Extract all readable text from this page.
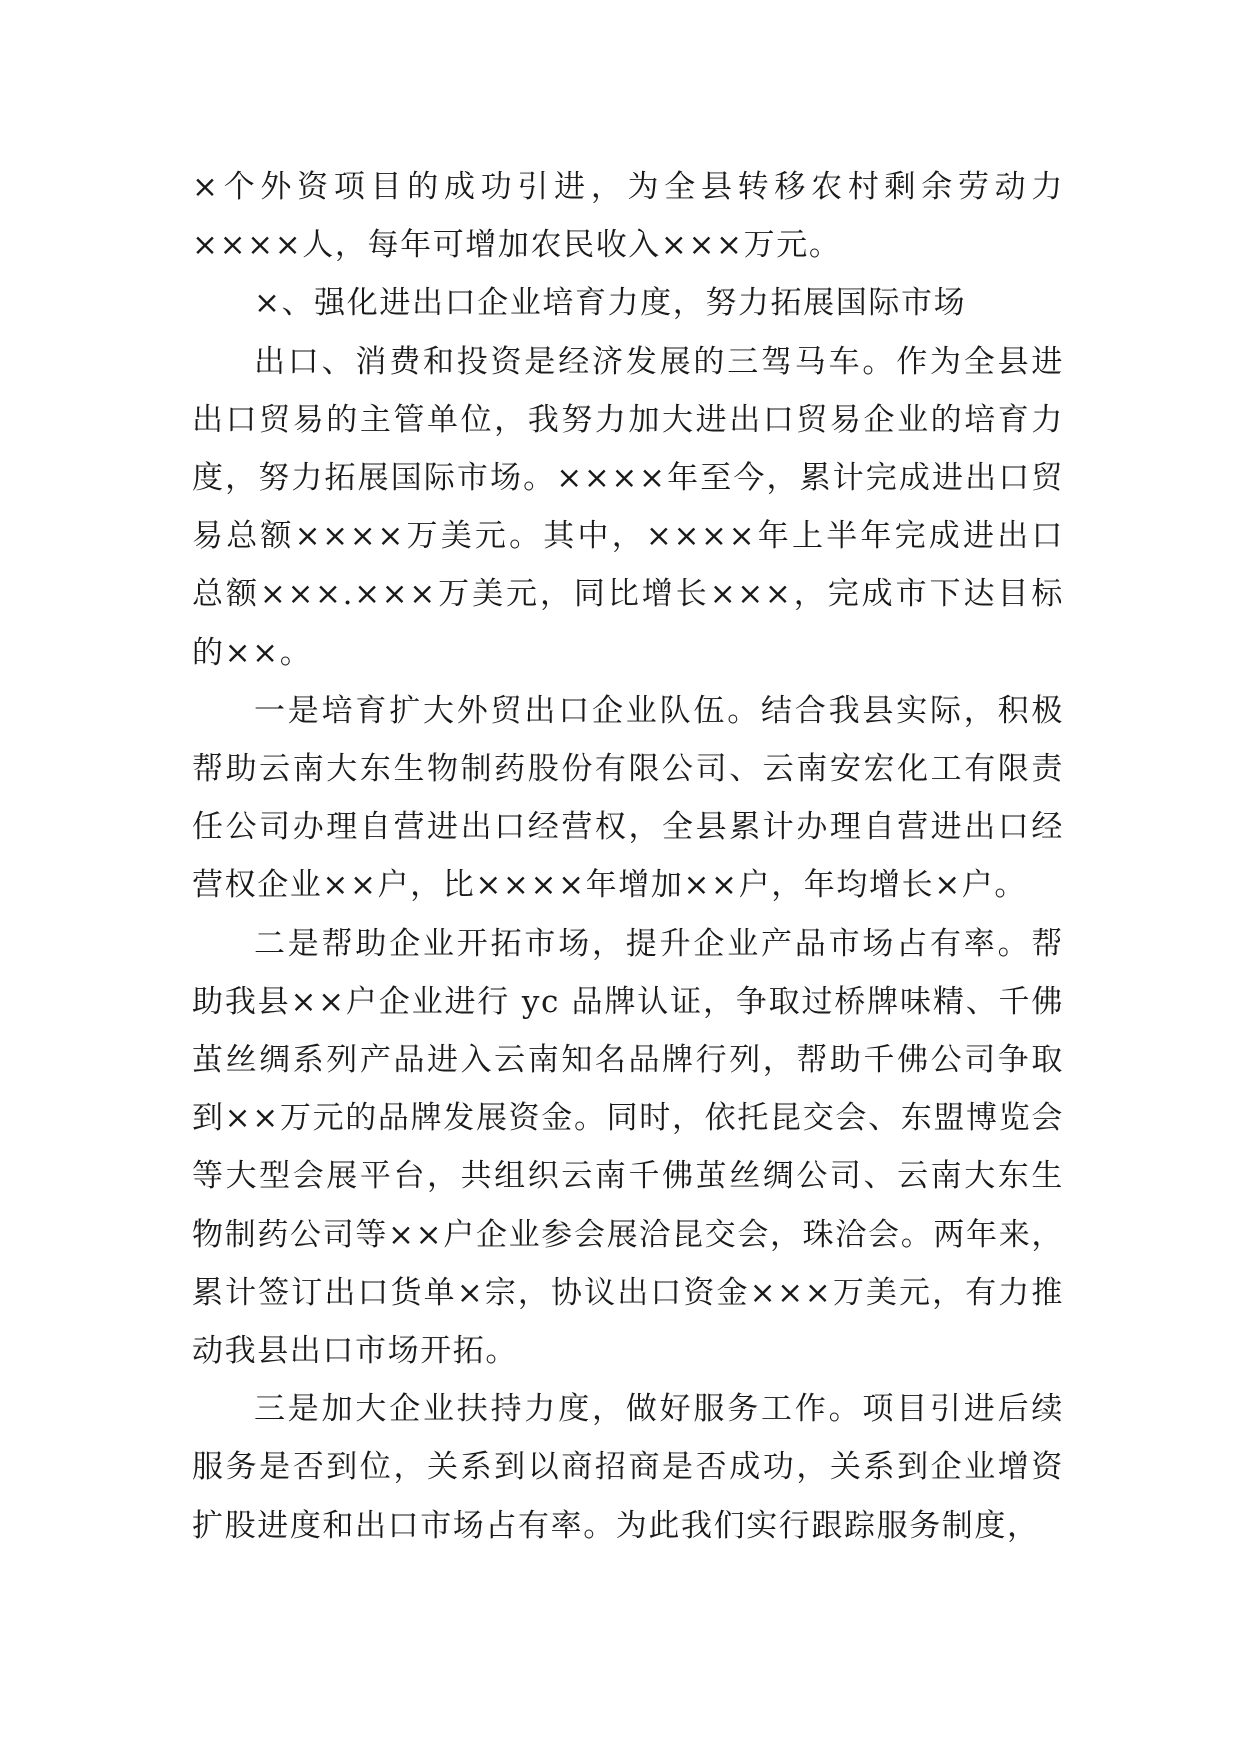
×个外资项目的成功引进，为全县转移农村剩余劳动力××××人，每年可增加农民收入×××万元。

×、强化进出口企业培育力度，努力拓展国际市场

出口、消费和投资是经济发展的三驾马车。作为全县进出口贸易的主管单位，我努力加大进出口贸易企业的培育力度，努力拓展国际市场。××××年至今，累计完成进出口贸易总额××××万美元。其中，××××年上半年完成进出口总额×××.×××万美元，同比增长×××，完成市下达目标的××。

一是培育扩大外贸出口企业队伍。结合我县实际，积极帮助云南大东生物制药股份有限公司、云南安宏化工有限责任公司办理自营进出口经营权，全县累计办理自营进出口经营权企业××户，比××××年增加××户，年均增长×户。

二是帮助企业开拓市场，提升企业产品市场占有率。帮助我县××户企业进行 yc 品牌认证，争取过桥牌味精、千佛茧丝绸系列产品进入云南知名品牌行列，帮助千佛公司争取到××万元的品牌发展资金。同时，依托昆交会、东盟博览会等大型会展平台，共组织云南千佛茧丝绸公司、云南大东生物制药公司等××户企业参会展洽昆交会，珠洽会。两年来，累计签订出口货单×宗，协议出口资金×××万美元，有力推动我县出口市场开拓。

三是加大企业扶持力度，做好服务工作。项目引进后续服务是否到位，关系到以商招商是否成功，关系到企业增资扩股进度和出口市场占有率。为此我们实行跟踪服务制度，
